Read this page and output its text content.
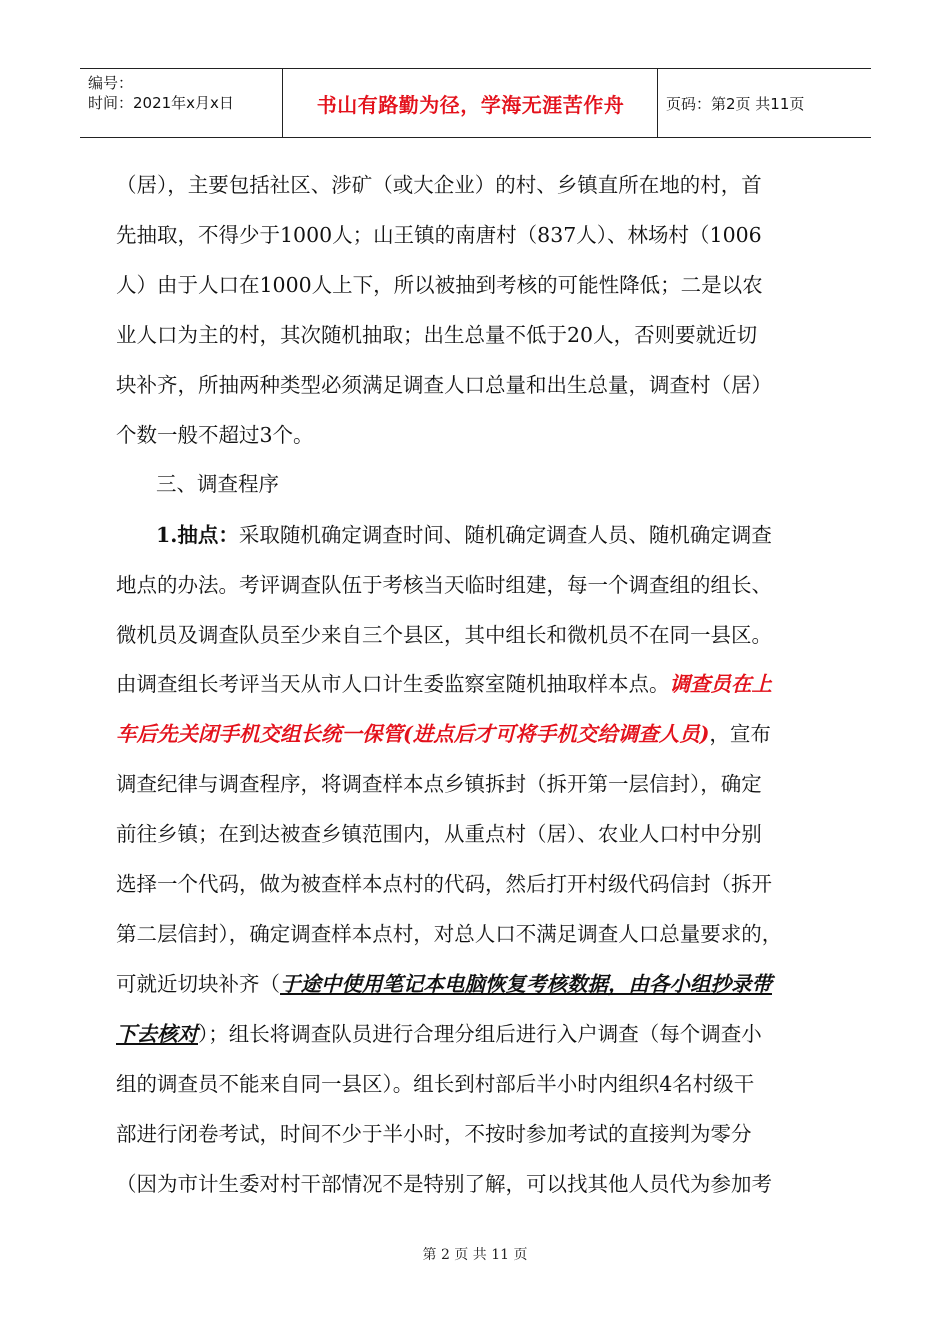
编号：
时间：2021年x月x日	书山有路勤为径，学海无涯苦作舟	页码：第2页 共11页
（居），主要包括社区、涉矿（或大企业）的村、乡镇直所在地的村，首
先抽取，不得少于1000人；山王镇的南唐村（837人）、林场村（1006
人）由于人口在1000人上下，所以被抽到考核的可能性降低；二是以农
业人口为主的村，其次随机抽取；出生总量不低于20人，否则要就近切
块补齐，所抽两种类型必须满足调查人口总量和出生总量，调查村（居）
个数一般不超过3个。
三、调查程序
1.抽点：采取随机确定调查时间、随机确定调查人员、随机确定调查
地点的办法。考评调查队伍于考核当天临时组建，每一个调查组的组长、
微机员及调查队员至少来自三个县区，其中组长和微机员不在同一县区。
由调查组长考评当天从市人口计生委监察室随机抽取样本点。调查员在上
车后先关闭手机交组长统一保管(进点后才可将手机交给调查人员)，宣布
调查纪律与调查程序，将调查样本点乡镇拆封（拆开第一层信封），确定
前往乡镇；在到达被查乡镇范围内，从重点村（居）、农业人口村中分别
选择一个代码，做为被查样本点村的代码，然后打开村级代码信封（拆开
第二层信封），确定调查样本点村，对总人口不满足调查人口总量要求的，
可就近切块补齐（于途中使用笔记本电脑恢复考核数据，由各小组抄录带
下去核对）；组长将调查队员进行合理分组后进行入户调查（每个调查小
组的调查员不能来自同一县区）。组长到村部后半小时内组织4名村级干
部进行闭卷考试，时间不少于半小时，不按时参加考试的直接判为零分
（因为市计生委对村干部情况不是特别了解，可以找其他人员代为参加考
第 2 页 共 11 页
